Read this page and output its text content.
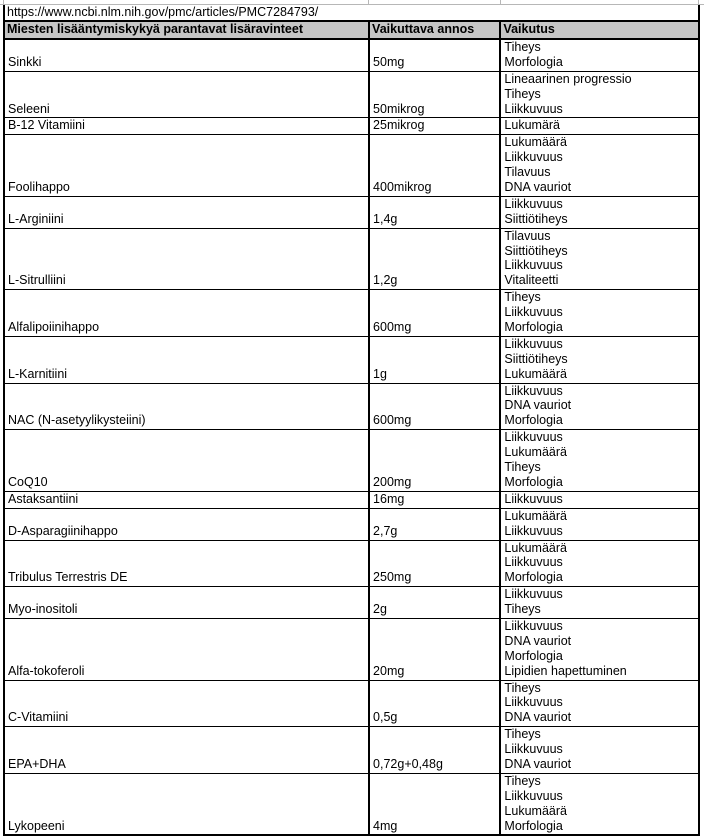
https://www.ncbi.nlm.nih.gov/pmc/articles/PMC7284793/
Miesten lisääntymiskykyä parantavat lisäravinteet	Vaikuttava annos	Vaikutus

Sinkki	50mg	Tiheys
Morfologia

Seleeni	50mikrog	Lineaarinen progressio
Tiheys
Liikkuvuus

B-12 Vitamiini	25mikrog	Lukumärä

Foolihappo	400mikrog	Lukumäärä
Liikkuvuus
Tilavuus
DNA vauriot

L-Arginiini	1,4g	Liikkuvuus
Siittiötiheys

L-Sitrulliini	1,2g	Tilavuus
Siittiötiheys
Liikkuvuus
Vitaliteetti

Alfalipoiinihappo	600mg	Tiheys
Liikkuvuus
Morfologia

L-Karnitiini	1g	Liikkuvuus
Siittiötiheys
Lukumäärä

NAC (N-asetyylikysteiini)	600mg	Liikkuvuus
DNA vauriot
Morfologia

CoQ10	200mg	Liikkuvuus
Lukumäärä
Tiheys
Morfologia

Astaksantiini	16mg	Liikkuvuus

D-Asparagiinihappo	2,7g	Lukumäärä
Liikkuvuus

Tribulus Terrestris DE	250mg	Lukumäärä
Liikkuvuus
Morfologia

Myo-inositoli	2g	Liikkuvuus
Tiheys

Alfa-tokoferoli	20mg	Liikkuvuus
DNA vauriot
Morfologia
Lipidien hapettuminen

C-Vitamiini	0,5g	Tiheys
Liikkuvuus
DNA vauriot

EPA+DHA	0,72g+0,48g	Tiheys
Liikkuvuus
DNA vauriot

Lykopeeni	4mg	Tiheys
Liikkuvuus
Lukumäärä
Morfologia
